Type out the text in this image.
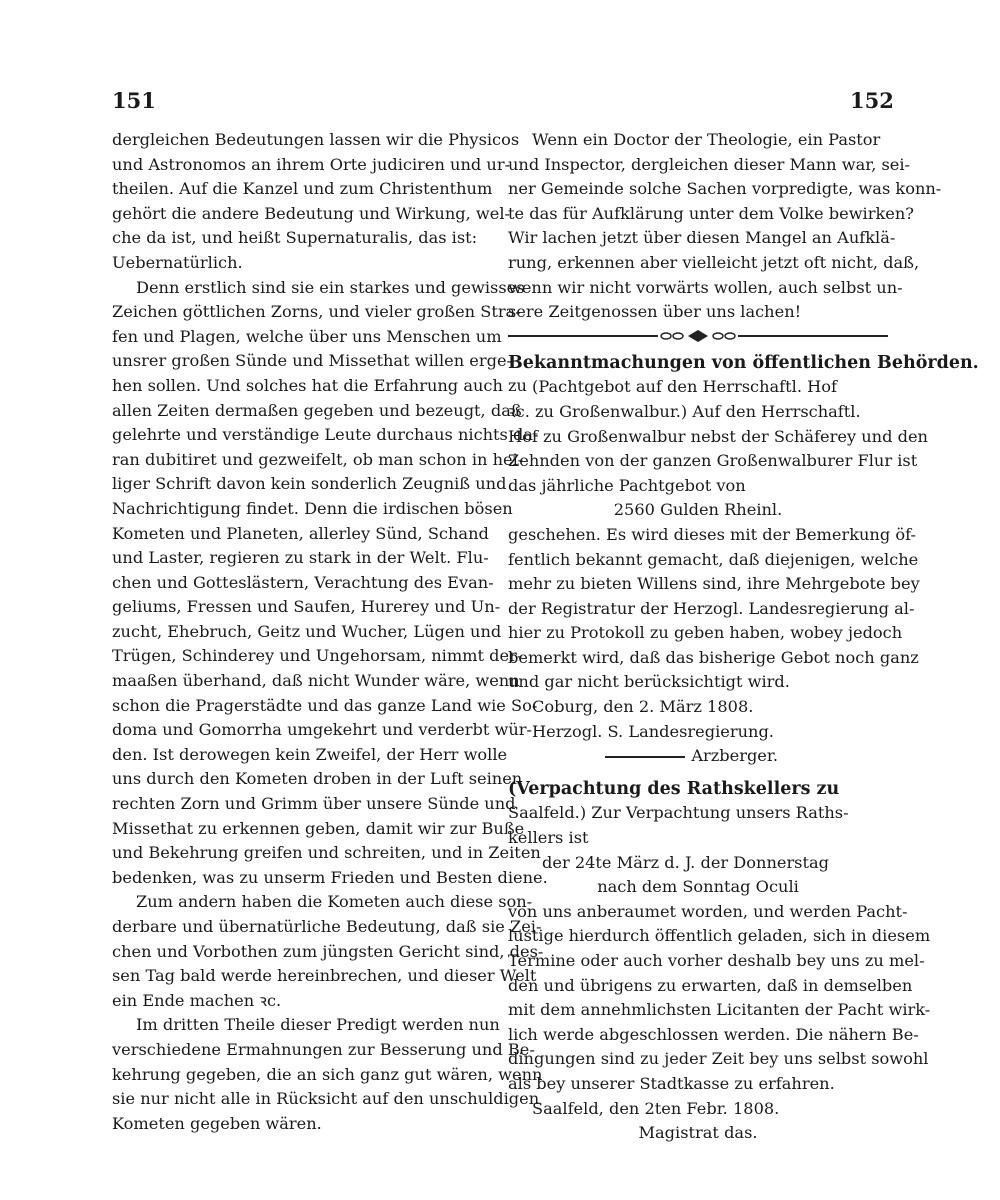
151	152
dergleichen Bedeutungen lassen wir die Physicos
und Astronomos an ihrem Orte judiciren und ur-
theilen. Auf die Kanzel und zum Christenthum
gehört die andere Bedeutung und Wirkung, wel-
che da ist, und heißt Supernaturalis, das ist:
Uebernatürlich.
Denn erstlich sind sie ein starkes und gewisses
Zeichen göttlichen Zorns, und vieler großen Stra-
fen und Plagen, welche über uns Menschen um
unsrer großen Sünde und Missethat willen erge-
hen sollen. Und solches hat die Erfahrung auch zu
allen Zeiten dermaßen gegeben und bezeugt, daß
gelehrte und verständige Leute durchaus nichts da-
ran dubitiret und gezweifelt, ob man schon in hei-
liger Schrift davon kein sonderlich Zeugniß und
Nachrichtigung findet. Denn die irdischen bösen
Kometen und Planeten, allerley Sünd, Schand
und Laster, regieren zu stark in der Welt. Flu-
chen und Gotteslästern, Verachtung des Evan-
geliums, Fressen und Saufen, Hurerey und Un-
zucht, Ehebruch, Geitz und Wucher, Lügen und
Trügen, Schinderey und Ungehorsam, nimmt der-
maaßen überhand, daß nicht Wunder wäre, wenn
schon die Pragerstädte und das ganze Land wie So-
doma und Gomorrha umgekehrt und verderbt wür-
den. Ist derowegen kein Zweifel, der Herr wolle
uns durch den Kometen droben in der Luft seinen
rechten Zorn und Grimm über unsere Sünde und
Missethat zu erkennen geben, damit wir zur Buße
und Bekehrung greifen und schreiten, und in Zeiten
bedenken, was zu unserm Frieden und Besten diene.
Zum andern haben die Kometen auch diese son-
derbare und übernatürliche Bedeutung, daß sie Zei-
chen und Vorbothen zum jüngsten Gericht sind, des-
sen Tag bald werde hereinbrechen, und dieser Welt
ein Ende machen ꝛc.
Im dritten Theile dieser Predigt werden nun
verschiedene Ermahnungen zur Besserung und Be-
kehrung gegeben, die an sich ganz gut wären, wenn
sie nur nicht alle in Rücksicht auf den unschuldigen
Kometen gegeben wären.
Wenn ein Doctor der Theologie, ein Pastor
und Inspector, dergleichen dieser Mann war, sei-
ner Gemeinde solche Sachen vorpredigte, was konn-
te das für Aufklärung unter dem Volke bewirken?
Wir lachen jetzt über diesen Mangel an Aufklä-
rung, erkennen aber vielleicht jetzt oft nicht, daß,
wenn wir nicht vorwärts wollen, auch selbst un-
sere Zeitgenossen über uns lachen!
Bekanntmachungen von öffentlichen Behörden.
(Pachtgebot auf den Herrschaftl. Hof
ꝛc. zu Großenwalbur.) Auf den Herrschaftl.
Hof zu Großenwalbur nebst der Schäferey und den
Zehnden von der ganzen Großenwalburer Flur ist
das jährliche Pachtgebot von
2560 Gulden Rheinl.
geschehen. Es wird dieses mit der Bemerkung öf-
fentlich bekannt gemacht, daß diejenigen, welche
mehr zu bieten Willens sind, ihre Mehrgebote bey
der Registratur der Herzogl. Landesregierung al-
hier zu Protokoll zu geben haben, wobey jedoch
bemerkt wird, daß das bisherige Gebot noch ganz
und gar nicht berücksichtigt wird.
Coburg, den 2. März 1808.
Herzogl. S. Landesregierung.
Arzberger.
(Verpachtung des Rathskellers zu
Saalfeld.) Zur Verpachtung unsers Raths-
kellers ist
der 24te März d. J. der Donnerstag
nach dem Sonntag Oculi
von uns anberaumet worden, und werden Pacht-
lustige hierdurch öffentlich geladen, sich in diesem
Termine oder auch vorher deshalb bey uns zu mel-
den und übrigens zu erwarten, daß in demselben
mit dem annehmlichsten Licitanten der Pacht wirk-
lich werde abgeschlossen werden. Die nähern Be-
dingungen sind zu jeder Zeit bey uns selbst sowohl
als bey unserer Stadtkasse zu erfahren.
Saalfeld, den 2ten Febr. 1808.
Magistrat das.
